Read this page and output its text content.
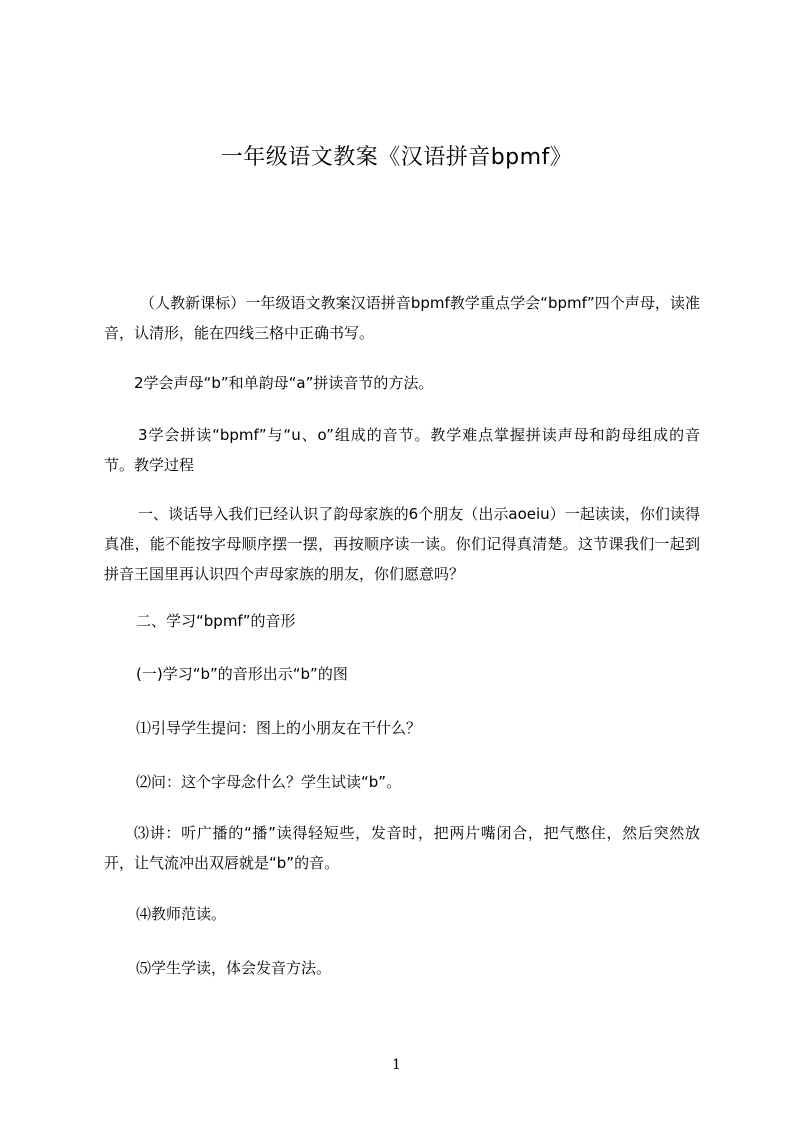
一年级语文教案《汉语拼音bpmf》
（人教新课标）一年级语文教案汉语拼音bpmf教学重点学会“bpmf”四个声母，读准音，认清形，能在四线三格中正确书写。
2学会声母“b”和单韵母“a”拼读音节的方法。
3学会拼读“bpmf”与“u、o”组成的音节。教学难点掌握拼读声母和韵母组成的音节。教学过程
一、谈话导入我们已经认识了韵母家族的6个朋友（出示aoeiu）一起读读，你们读得真准，能不能按字母顺序摆一摆，再按顺序读一读。你们记得真清楚。这节课我们一起到拼音王国里再认识四个声母家族的朋友，你们愿意吗？
二、学习“bpmf”的音形
(一)学习“b”的音形出示“b”的图
⑴引导学生提问：图上的小朋友在干什么？
⑵问：这个字母念什么？学生试读“b”。
⑶讲：听广播的“播”读得轻短些，发音时，把两片嘴闭合，把气憋住，然后突然放开，让气流冲出双唇就是“b”的音。
⑷教师范读。
⑸学生学读，体会发音方法。
1
